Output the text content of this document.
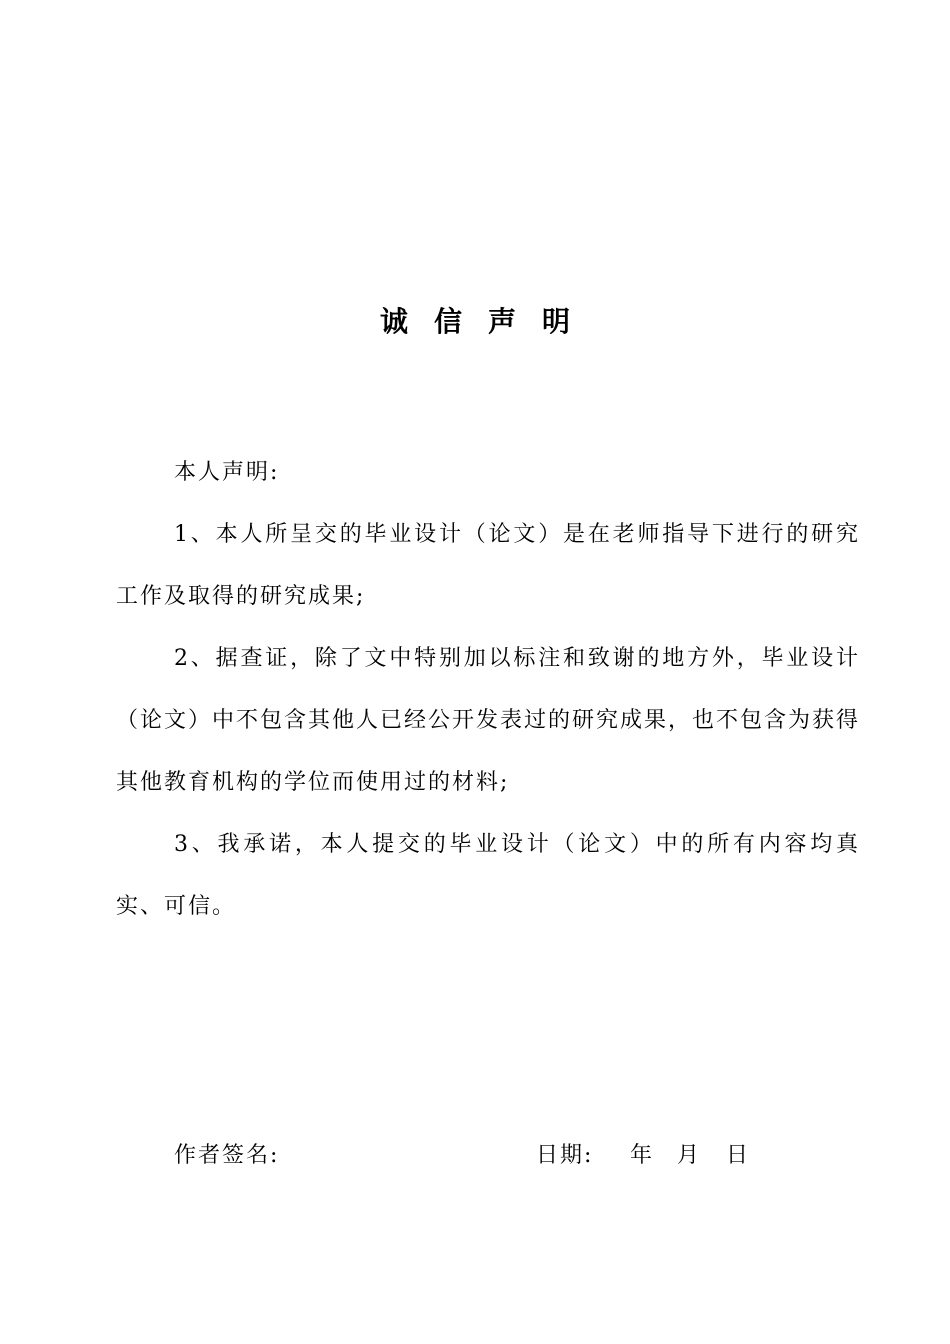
诚信声明

本人声明:

1、本人所呈交的毕业设计（论文）是在老师指导下进行的研究工作及取得的研究成果;

2、据查证，除了文中特别加以标注和致谢的地方外，毕业设计（论文）中不包含其他人已经公开发表过的研究成果，也不包含为获得其他教育机构的学位而使用过的材料;

3、我承诺，本人提交的毕业设计（论文）中的所有内容均真实、可信。

作者签名:	日期: 年 月 日
